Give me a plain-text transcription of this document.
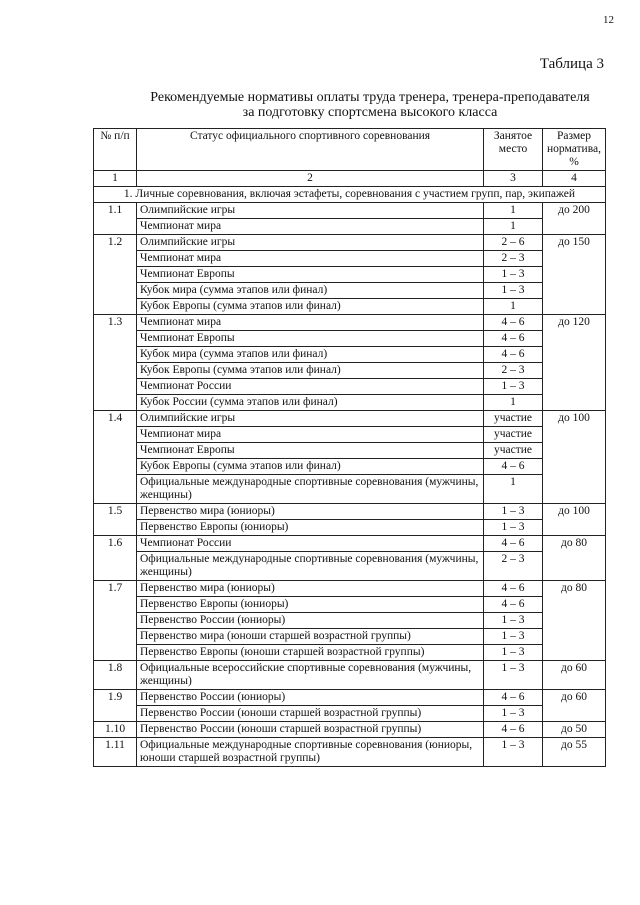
12
Таблица 3
Рекомендуемые нормативы оплаты труда тренера, тренера-преподавателя за подготовку спортсмена высокого класса
№ п/п	Статус официального спортивного соревнования	Занятое место	Размер норматива, %
1	2	3	4
1. Личные соревнования, включая эстафеты, соревнования с участием групп, пар, экипажей			
1.1	Олимпийские игры	1	до 200
	Чемпионат мира	1	
1.2	Олимпийские игры	2 – 6	до 150
	Чемпионат мира	2 – 3	
	Чемпионат Европы	1 – 3	
	Кубок мира (сумма этапов или финал)	1 – 3	
	Кубок Европы (сумма этапов или финал)	1	
1.3	Чемпионат мира	4 – 6	до 120
	Чемпионат Европы	4 – 6	
	Кубок мира (сумма этапов или финал)	4 – 6	
	Кубок Европы (сумма этапов или финал)	2 – 3	
	Чемпионат России	1 – 3	
	Кубок России (сумма этапов или финал)	1	
1.4	Олимпийские игры	участие	до 100
	Чемпионат мира	участие	
	Чемпионат Европы	участие	
	Кубок Европы (сумма этапов или финал)	4 – 6	
	Официальные международные спортивные соревнования (мужчины, женщины)	1	
1.5	Первенство мира (юниоры)	1 – 3	до 100
	Первенство Европы (юниоры)	1 – 3	
1.6	Чемпионат России	4 – 6	до 80
	Официальные международные спортивные соревнования (мужчины, женщины)	2 – 3	
1.7	Первенство мира (юниоры)	4 – 6	до 80
	Первенство Европы (юниоры)	4 – 6	
	Первенство России (юниоры)	1 – 3	
	Первенство мира (юноши старшей возрастной группы)	1 – 3	
	Первенство Европы (юноши старшей возрастной группы)	1 – 3	
1.8	Официальные всероссийские спортивные соревнования (мужчины, женщины)	1 – 3	до 60
1.9	Первенство России (юниоры)	4 – 6	до 60
	Первенство России (юноши старшей возрастной группы)	1 – 3	
1.10	Первенство России (юноши старшей возрастной группы)	4 – 6	до 50
1.11	Официальные международные спортивные соревнования (юниоры, юноши старшей возрастной группы)	1 – 3	до 55
